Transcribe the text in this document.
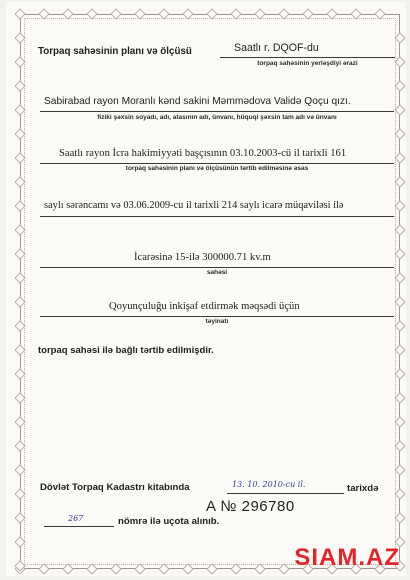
Torpaq sahəsinin planı və ölçüsü	Saatlı r. DQOF-du
torpaq sahəsinin yerləşdiyi ərazi
Sabirabad rayon Moranlı kənd sakini Məmmədova Validə Qoçu qızı.
fiziki şəxsin soyadı, adı, atasının adı, ünvanı, hüquqi şəxsin tam adı və ünvanı
Saatlı rayon İcra hakimiyyəti başçısının 03.10.2003-cü il tarixli 161
torpaq sahəsinin planı və ölçüsünün tərtib edilməsinə əsas
saylı sərəncamı və 03.06.2009-cu il tarixli 214 saylı icarə müqaviləsi ilə
İcarəsinə 15-ilə 300000.71 kv.m
sahəsi
Qoyunçuluğu inkişaf etdirmək məqsədi üçün
təyinatı
torpaq sahəsi ilə bağlı tərtib edilmişdir.
Dövlət Torpaq Kadastrı kitabında	13. 10. 2010-cu il.	tarixdə
A № 296780
267	nömrə ilə uçota alınıb.
SIAM.AZ
